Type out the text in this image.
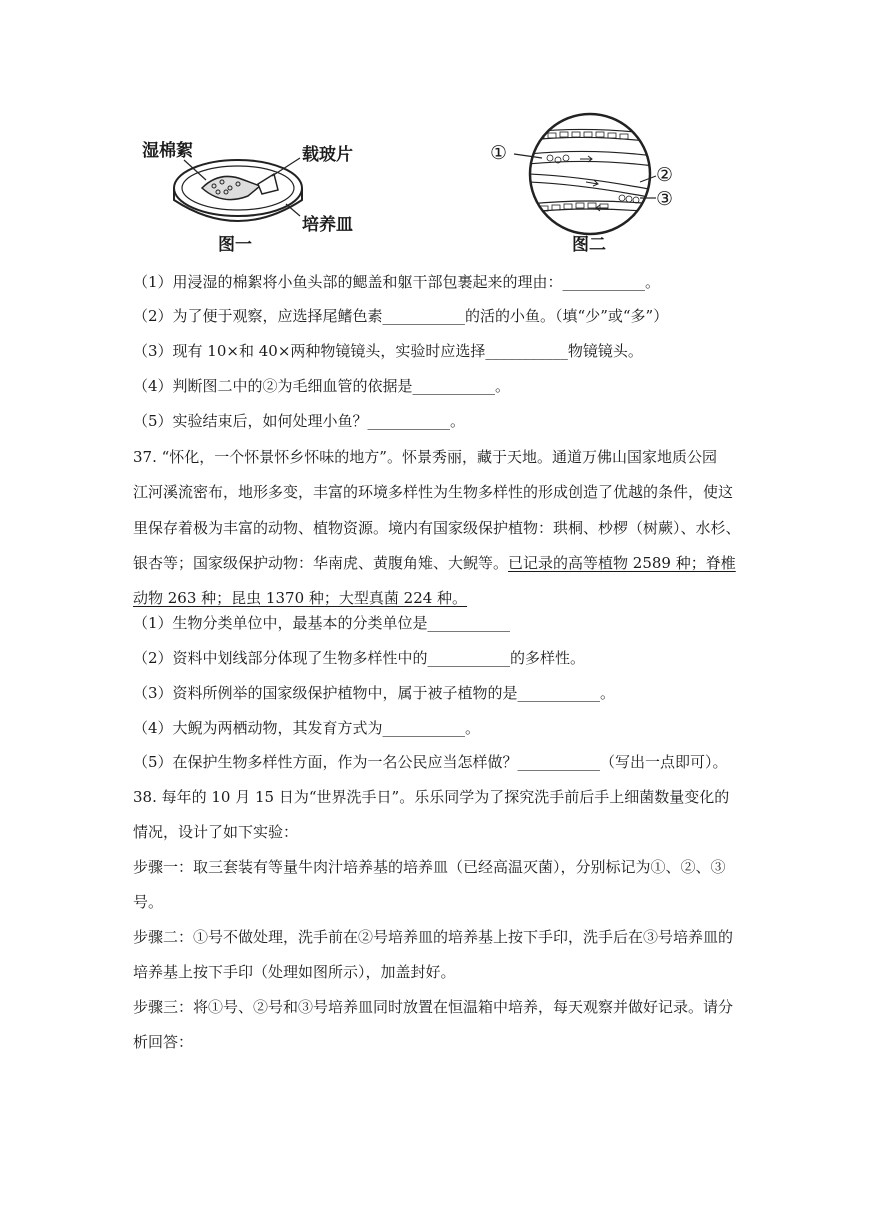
湿棉絮	载玻片
培养皿
图一
①
②
③
图二
（1）用浸湿的棉絮将小鱼头部的鳃盖和躯干部包裹起来的理由：___________。
（2）为了便于观察，应选择尾鳍色素___________的活的小鱼。（填“少”或“多”）
（3）现有 10×和 40×两种物镜镜头，实验时应选择___________物镜镜头。
（4）判断图二中的②为毛细血管的依据是___________。
（5）实验结束后，如何处理小鱼？___________。
37. “怀化，一个怀景怀乡怀味的地方”。怀景秀丽，藏于天地。通道万佛山国家地质公园
江河溪流密布，地形多变，丰富的环境多样性为生物多样性的形成创造了优越的条件，使这
里保存着极为丰富的动物、植物资源。境内有国家级保护植物：珙桐、杪椤（树蕨）、水杉、
银杏等；国家级保护动物：华南虎、黄腹角雉、大鲵等。已记录的高等植物 2589 种；脊椎
动物 263 种；昆虫 1370 种；大型真菌 224 种。
（1）生物分类单位中，最基本的分类单位是___________
（2）资料中划线部分体现了生物多样性中的___________的多样性。
（3）资料所例举的国家级保护植物中，属于被子植物的是___________。
（4）大鲵为两栖动物，其发育方式为___________。
（5）在保护生物多样性方面，作为一名公民应当怎样做？___________（写出一点即可）。
38. 每年的 10 月 15 日为“世界洗手日”。乐乐同学为了探究洗手前后手上细菌数量变化的
情况，设计了如下实验：
步骤一：取三套装有等量牛肉汁培养基的培养皿（已经高温灭菌），分别标记为①、②、③
号。
步骤二：①号不做处理，洗手前在②号培养皿的培养基上按下手印，洗手后在③号培养皿的
培养基上按下手印（处理如图所示），加盖封好。
步骤三：将①号、②号和③号培养皿同时放置在恒温箱中培养，每天观察并做好记录。请分
析回答：
